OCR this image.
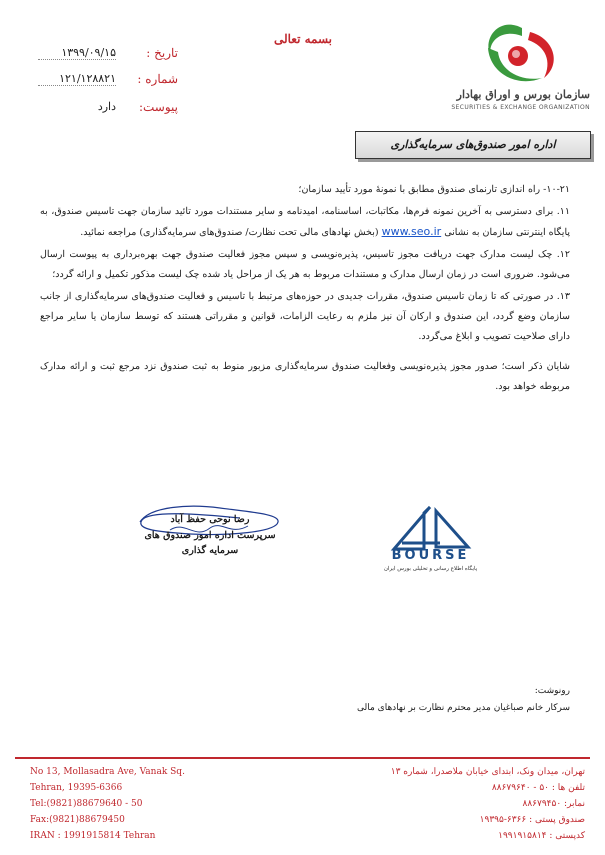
بسمه تعالی
تاریخ :
۱۳۹۹/۰۹/۱۵
شماره :
۱۲۱/۱۲۸۸۲۱
پیوست:
دارد
سازمان بورس و اوراق بهادار
SECURITIES & EXCHANGE ORGANIZATION
اداره امور صندوق‌های سرمایه‌گذاری

۱۰-۲۱- راه اندازی تارنمای صندوق مطابق با نمونهٔ مورد تأیید سازمان؛

۱۱. برای دسترسی به آخرین نمونه فرم‌ها، مکاتبات، اساسنامه، امیدنامه و سایر مستندات مورد تائید سازمان جهت تاسیس صندوق، به پایگاه اینترنتی سازمان به نشانی www.seo.ir (بخش نهادهای مالی تحت نظارت/ صندوق‌های سرمایه‌گذاری) مراجعه نمائید.

۱۲. چک لیست مدارک جهت دریافت مجوز تاسیس، پذیره‌نویسی و سپس مجوز فعالیت صندوق جهت بهره‌برداری به پیوست ارسال می‌شود. ضروری است در زمان ارسال مدارک و مستندات مربوط به هر یک از مراحل یاد شده چک لیست مذکور تکمیل و ارائه گردد؛

۱۳. در صورتی که تا زمان تاسیس صندوق، مقررات جدیدی در حوزه‌های مرتبط با تاسیس و فعالیت صندوق‌های سرمایه‌گذاری از جانب سازمان وضع گردد، این صندوق و ارکان آن نیز ملزم به رعایت الزامات، قوانین و مقرراتی هستند که توسط سازمان یا سایر مراجع دارای صلاحیت تصویب و ابلاغ می‌گردد.

شایان ذکر است؛ صدور مجوز پذیره‌نویسی وفعالیت صندوق سرمایه‌گذاری مزبور منوط به ثبت صندوق نزد مرجع ثبت و ارائه مدارک مربوطه خواهد بود.

رضا نوحی حفظ آباد
سرپرست اداره امور صندوق های
سرمایه گذاری	BOURSE
پایگاه اطلاع رسانی و تحلیلی بورس ایران
رونوشت:
سرکار خانم صباغیان مدیر محترم نظارت بر نهادهای مالی
No 13, Mollasadra Ave, Vanak Sq.
Tehran, 19395-6366
Tel:(9821)88679640 - 50
Fax:(9821)88679450
IRAN : 1991915814 Tehran
تهران، میدان ونک، ابتدای خیابان ملاصدرا، شماره ۱۳
تلفن ها : ۵۰ - ۸۸۶۷۹۶۴۰
نمابر: ۸۸۶۷۹۴۵۰
صندوق پستی : ۶۳۶۶-۱۹۳۹۵
کدپستی : ۱۹۹۱۹۱۵۸۱۴
